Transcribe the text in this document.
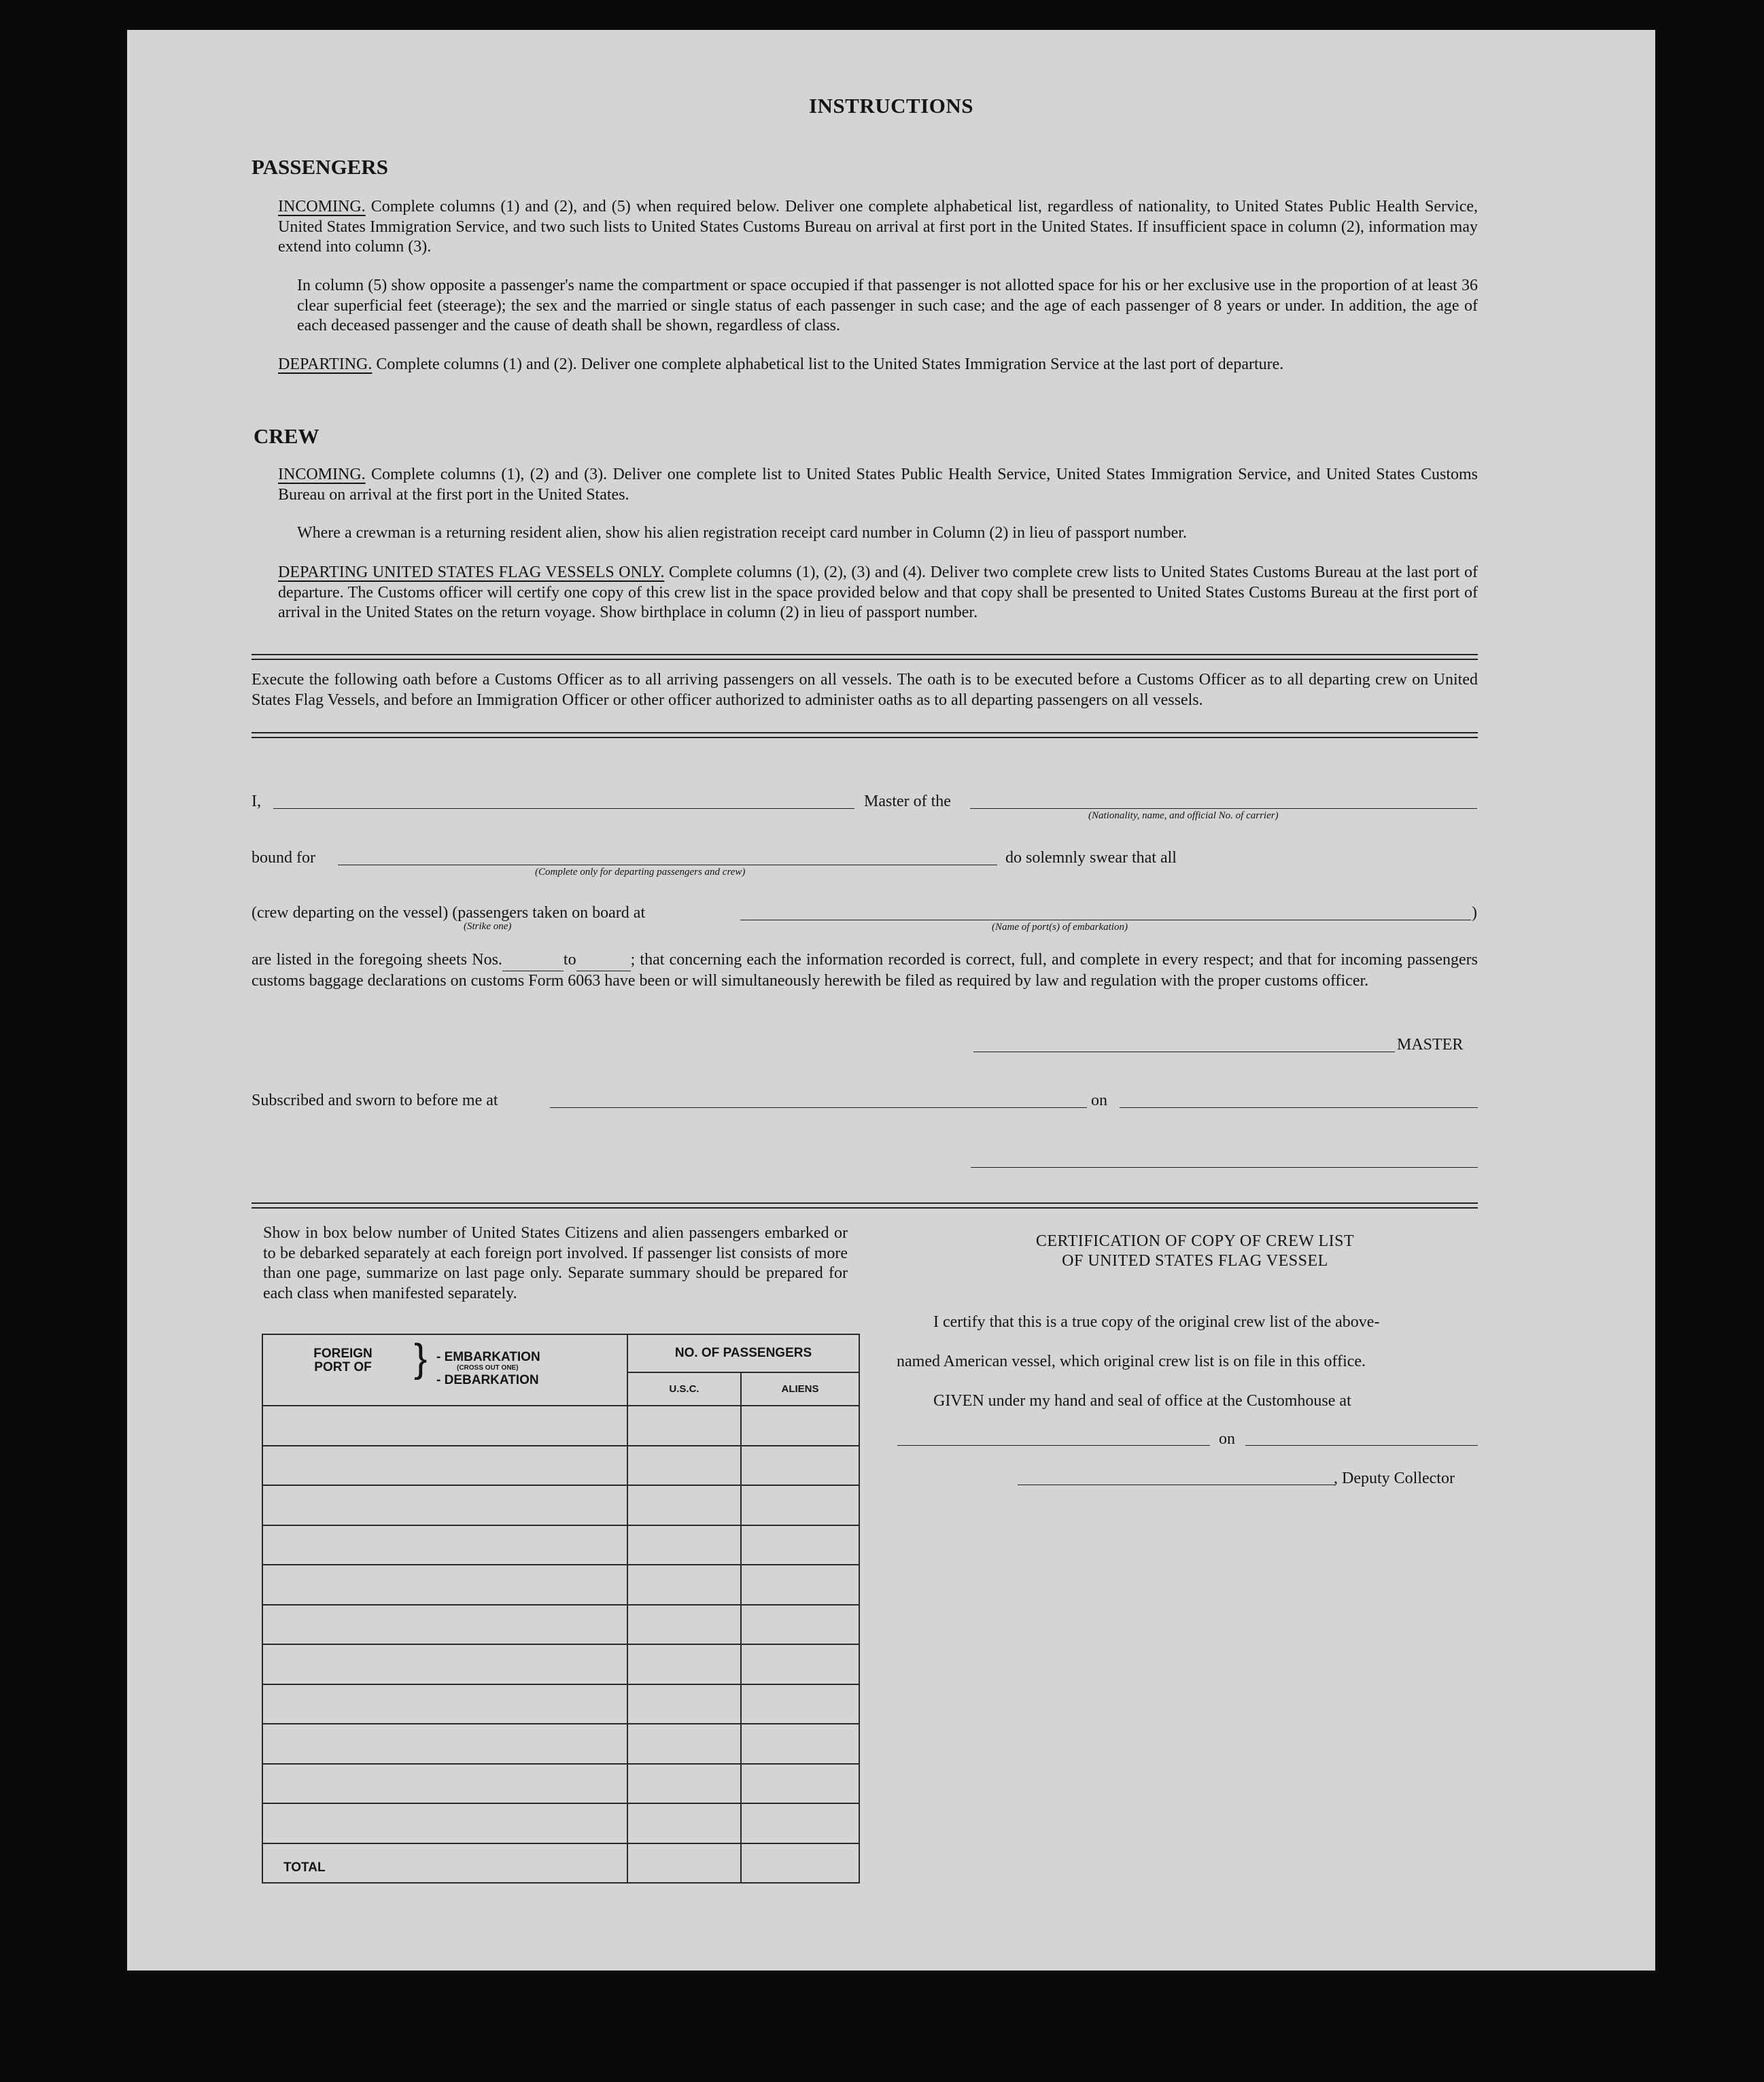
INSTRUCTIONS
PASSENGERS
INCOMING. Complete columns (1) and (2), and (5) when required below. Deliver one complete alphabetical list, regardless of nationality, to United States Public Health Service, United States Immigration Service, and two such lists to United States Customs Bureau on arrival at first port in the United States. If insufficient space in column (2), information may extend into column (3).
In column (5) show opposite a passenger's name the compartment or space occupied if that passenger is not allotted space for his or her exclusive use in the proportion of at least 36 clear superficial feet (steerage); the sex and the married or single status of each passenger in such case; and the age of each passenger of 8 years or under. In addition, the age of each deceased passenger and the cause of death shall be shown, regardless of class.
DEPARTING. Complete columns (1) and (2). Deliver one complete alphabetical list to the United States Immigration Service at the last port of departure.
CREW
INCOMING. Complete columns (1), (2) and (3). Deliver one complete list to United States Public Health Service, United States Immigration Service, and United States Customs Bureau on arrival at the first port in the United States.
Where a crewman is a returning resident alien, show his alien registration receipt card number in Column (2) in lieu of passport number.
DEPARTING UNITED STATES FLAG VESSELS ONLY. Complete columns (1), (2), (3) and (4). Deliver two complete crew lists to United States Customs Bureau at the last port of departure. The Customs officer will certify one copy of this crew list in the space provided below and that copy shall be presented to United States Customs Bureau at the first port of arrival in the United States on the return voyage. Show birthplace in column (2) in lieu of passport number.
Execute the following oath before a Customs Officer as to all arriving passengers on all vessels. The oath is to be executed before a Customs Officer as to all departing crew on United States Flag Vessels, and before an Immigration Officer or other officer authorized to administer oaths as to all departing passengers on all vessels.
I,	Master of the
(Nationality, name, and official No. of carrier)
bound for
(Complete only for departing passengers and crew)
do solemnly swear that all
(crew departing on the vessel) (passengers taken on board at
(Strike one)	(Name of port(s) of embarkation)
)
are listed in the foregoing sheets Nos.	to	; that concerning each the information recorded is correct, full, and complete in every respect; and that for incoming passengers customs baggage declarations on customs Form 6063 have been or will simultaneously herewith be filed as required by law and regulation with the proper customs officer.
MASTER
Subscribed and sworn to before me at	on
Show in box below number of United States Citizens and alien passengers embarked or to be debarked separately at each foreign port involved. If passenger list consists of more than one page, summarize on last page only. Separate summary should be prepared for each class when manifested separately.
FOREIGN PORT OF } - EMBARKATION
(CROSS OUT ONE)
- DEBARKATION	NO. OF PASSENGERS	
	U.S.C.	ALIENS

TOTAL		
CERTIFICATION OF COPY OF CREW LIST
OF UNITED STATES FLAG VESSEL
I certify that this is a true copy of the original crew list of the above-
named American vessel, which original crew list is on file in this office.
GIVEN under my hand and seal of office at the Customhouse at
on
, Deputy Collector
